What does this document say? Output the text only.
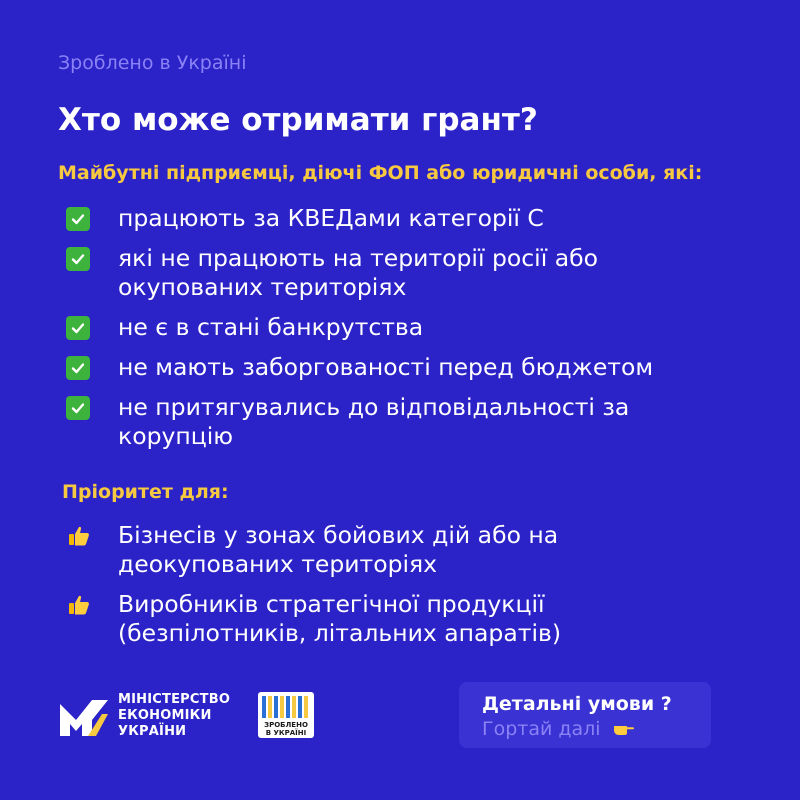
Зроблено в Україні
Хто може отримати грант?
Майбутні підприємці, діючі ФОП або юридичні особи, які:
працюють за КВЕДами категорії C
які не працюють на території росії або окупованих територіях
не є в стані банкрутства
не мають заборгованості перед бюджетом
не притягувались до відповідальності за корупцію
Пріоритет для:
Бізнесів у зонах бойових дій або на деокупованих територіях
Виробників стратегічної продукції (безпілотників, літальних апаратів)
МІНІСТЕРСТВО
ЕКОНОМІКИ
УКРАЇНИ	ЗРОБЛЕНО
В УКРАЇНІ
Детальні умови ?
Гортай далі
